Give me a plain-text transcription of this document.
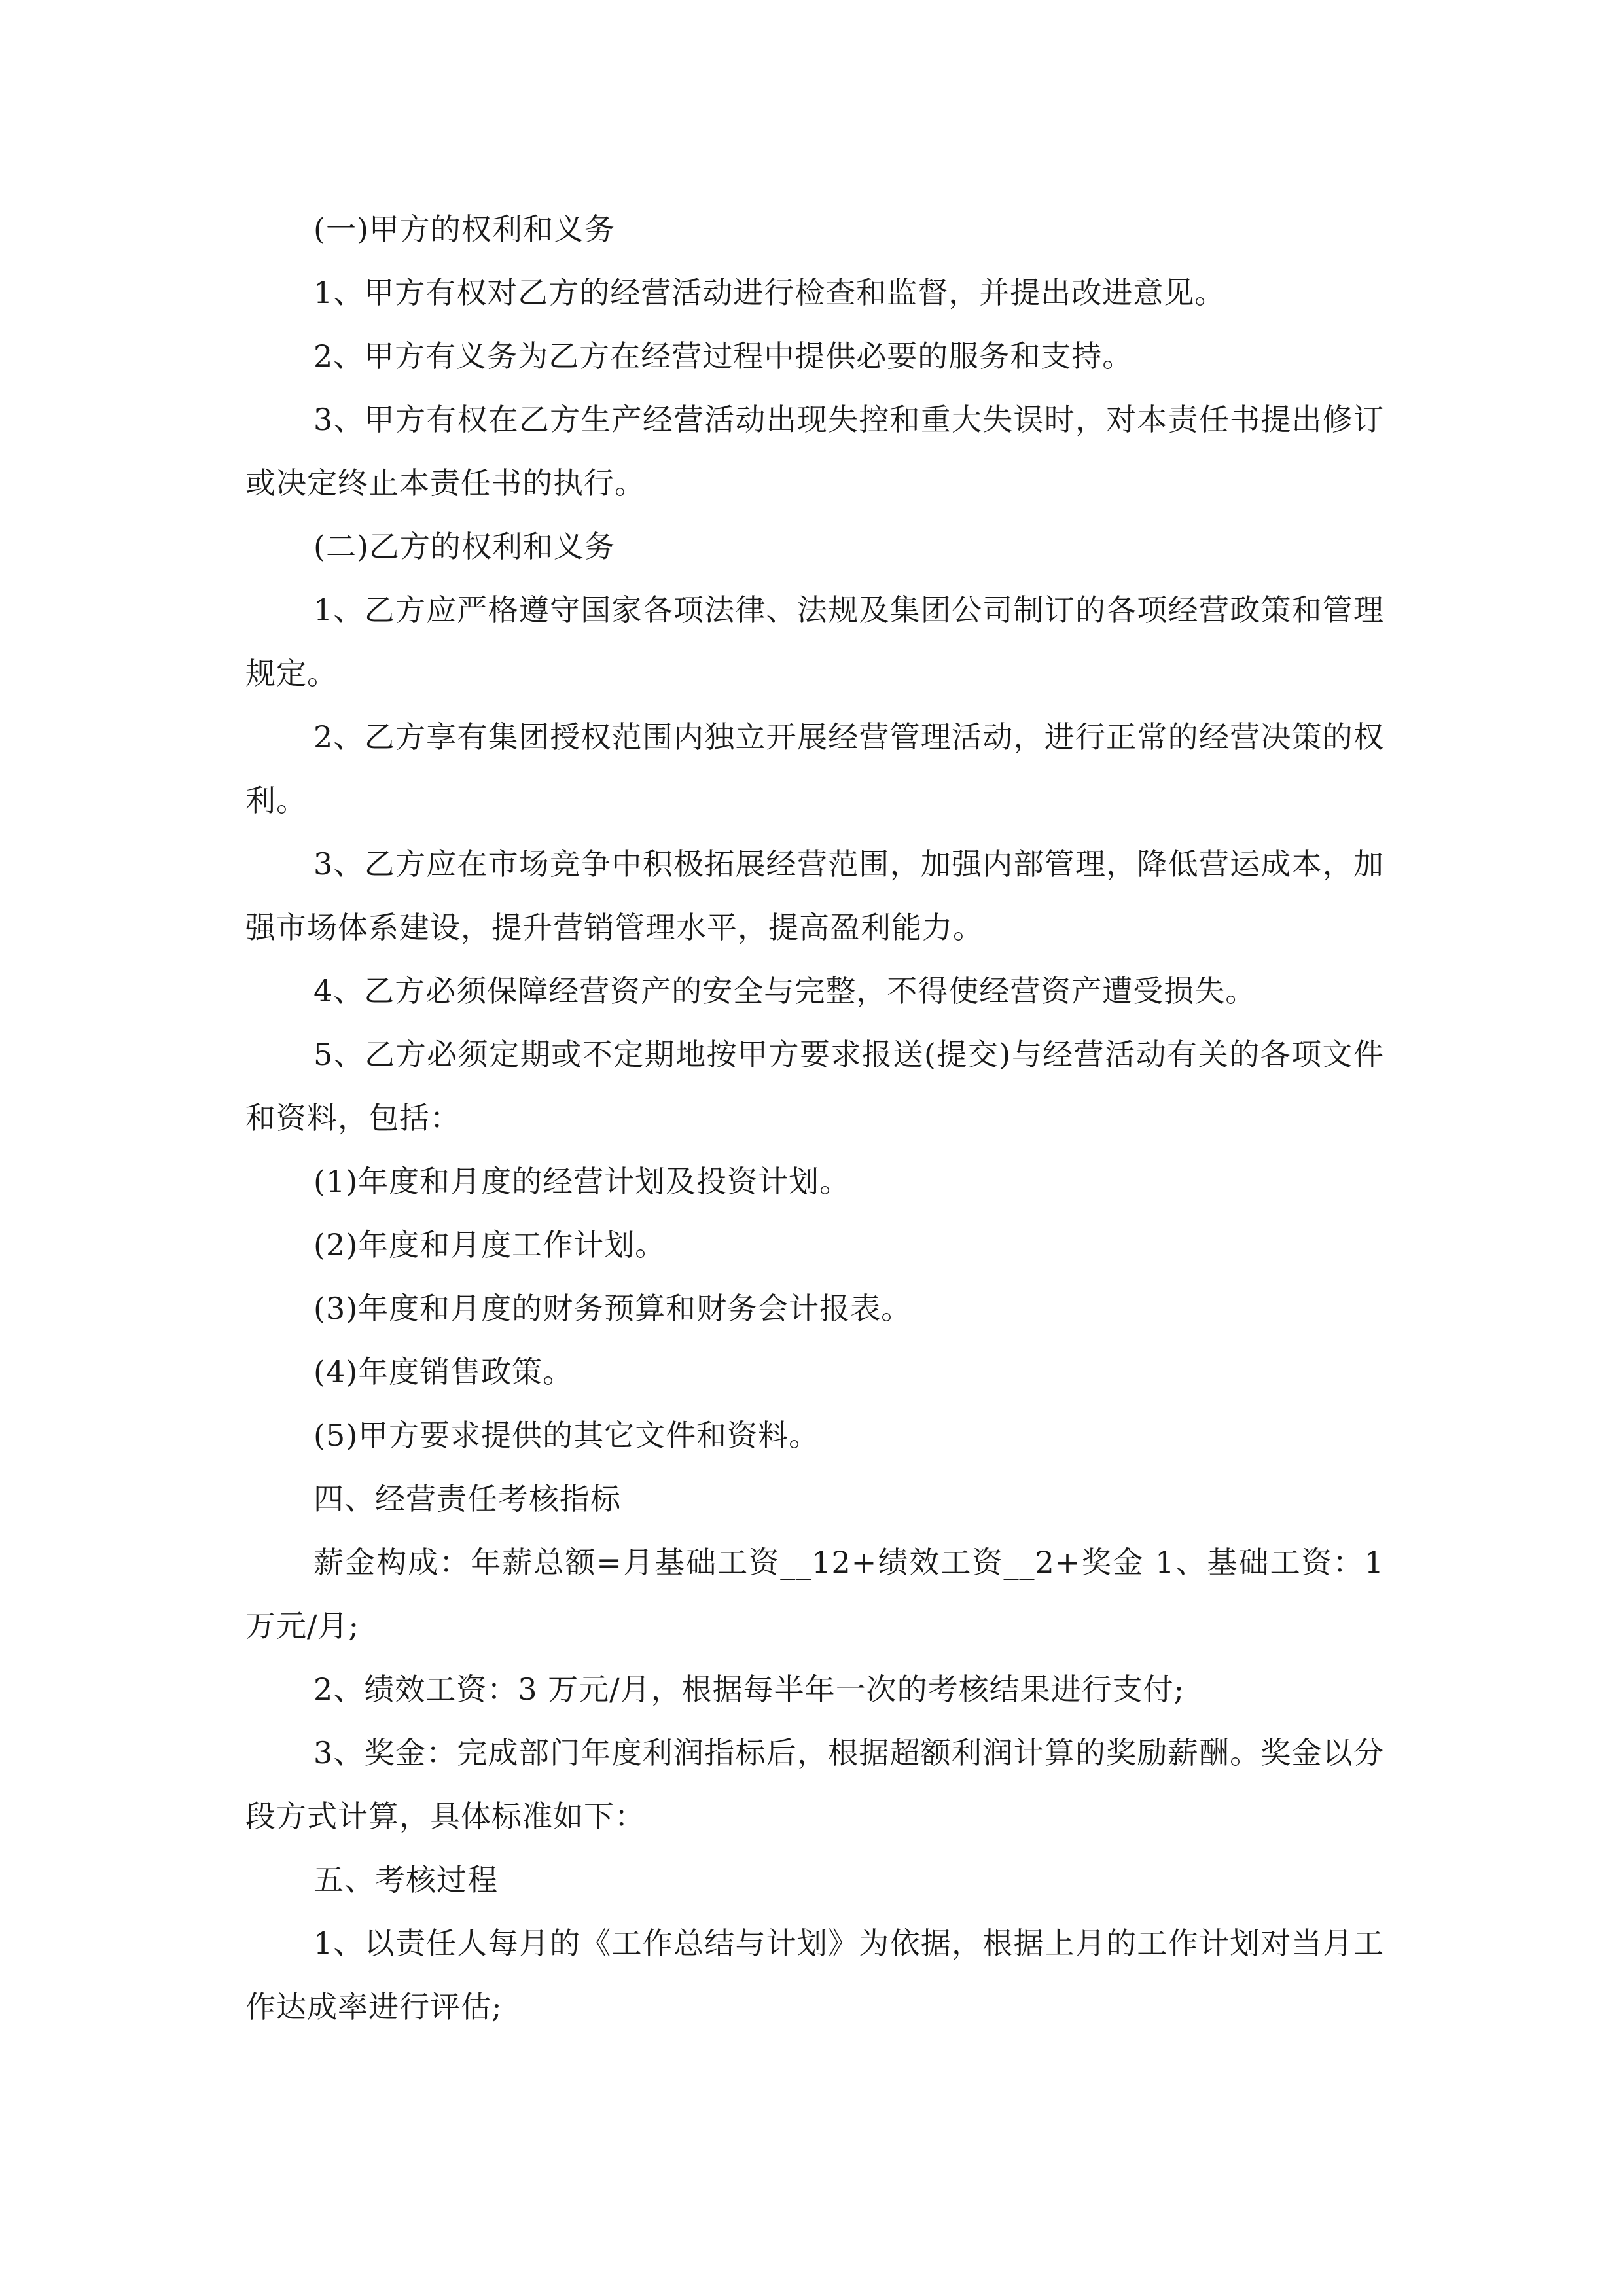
(一)甲方的权利和义务

1、甲方有权对乙方的经营活动进行检查和监督，并提出改进意见。

2、甲方有义务为乙方在经营过程中提供必要的服务和支持。

3、甲方有权在乙方生产经营活动出现失控和重大失误时，对本责任书提出修订或决定终止本责任书的执行。

(二)乙方的权利和义务

1、乙方应严格遵守国家各项法律、法规及集团公司制订的各项经营政策和管理规定。

2、乙方享有集团授权范围内独立开展经营管理活动，进行正常的经营决策的权利。

3、乙方应在市场竞争中积极拓展经营范围，加强内部管理，降低营运成本，加强市场体系建设，提升营销管理水平，提高盈利能力。

4、乙方必须保障经营资产的安全与完整，不得使经营资产遭受损失。

5、乙方必须定期或不定期地按甲方要求报送(提交)与经营活动有关的各项文件和资料，包括：

(1)年度和月度的经营计划及投资计划。

(2)年度和月度工作计划。

(3)年度和月度的财务预算和财务会计报表。

(4)年度销售政策。

(5)甲方要求提供的其它文件和资料。

四、经营责任考核指标

薪金构成：年薪总额=月基础工资__12+绩效工资__2+奖金 1、基础工资：1 万元/月;

2、绩效工资：3 万元/月，根据每半年一次的考核结果进行支付;

3、奖金：完成部门年度利润指标后，根据超额利润计算的奖励薪酬。奖金以分段方式计算，具体标准如下：

五、考核过程

1、以责任人每月的《工作总结与计划》为依据，根据上月的工作计划对当月工作达成率进行评估;
